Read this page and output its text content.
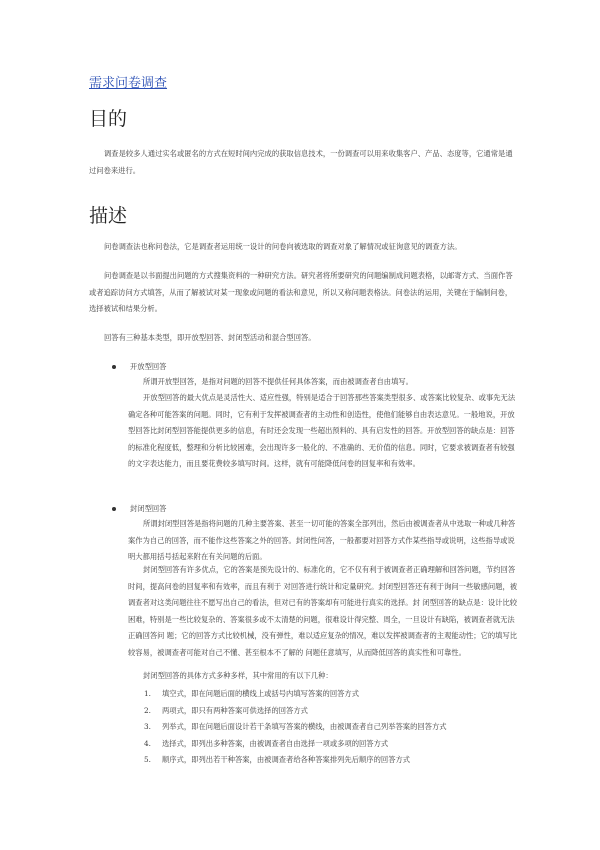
需求问卷调查
目的

调查是较多人通过实名或匿名的方式在短时间内完成的获取信息技术，一份调查可以用来收集客户、产品、态度等，它通常是通过问卷来进行。

描述

问卷调查法也称问卷法，它是调查者运用统一设计的问卷向被选取的调查对象了解情况或征询意见的调查方法。

问卷调查是以书面提出问题的方式搜集资料的一种研究方法。研究者将所要研究的问题编制成问题表格，以邮寄方式、当面作答或者追踪访问方式填答，从而了解被试对某一现象或问题的看法和意见，所以又称问题表格法。问卷法的运用，关键在于编制问卷，选择被试和结果分析。

回答有三种基本类型，即开放型回答、封闭型活动和混合型回答。

开放型回答

所谓开放型回答，是指对问题的回答不提供任何具体答案，而由被调查者自由填写。

开放型回答的最大优点是灵活性大、适应性强，特别是适合于回答那些答案类型很多、或答案比较复杂、或事先无法确定各种可能答案的问题。同时，它有利于发挥被调查者的主动性和创造性，使他们能够自由表达意见。一般地说，开放型回答比封闭型回答能提供更多的信息，有时还会发现一些超出预料的、具有启发性的回答。开放型回答的缺点是：回答的标准化程度低，整理和分析比较困难，会出现许多一般化的、不准确的、无价值的信息。同时，它要求被调查者有较强的文字表达能力，而且要花费较多填写时间。这样，就有可能降低问卷的回复率和有效率。

封闭型回答

所谓封闭型回答是指将问题的几种主要答案、甚至一切可能的答案全部列出，然后由被调查者从中选取一种或几种答案作为自己的回答，而不能作这些答案之外的回答。封闭性问答，一般都要对回答方式作某些指导或说明，这些指导或说明大都用括号括起来附在有关问题的后面。

封闭型回答有许多优点，它的答案是预先设计的、标准化的，它不仅有利于被调查者正确理解和回答问题，节约回答时间，提高问卷的回复率和有效率，而且有利于 对回答进行统计和定量研究。封闭型回答还有利于询问一些敏感问题，被调查者对这类问题往往不愿写出自己的看法，但对已有的答案却有可能进行真实的选择。封 闭型回答的缺点是：设计比较困难，特别是一些比较复杂的、答案很多或不太清楚的问题，很难设计得完整、周全，一旦设计有缺陷，被调查者就无法正确回答问 题；它的回答方式比较机械，没有弹性，难以适应复杂的情况，难以发挥被调查者的主观能动性；它的填写比较容易，被调查者可能对自己不懂、甚至根本不了解的 问题任意填写，从而降低回答的真实性和可靠性。

封闭型回答的具体方式多种多样，其中常用的有以下几种：

1. 填空式，即在问题后面的横线上或括号内填写答案的回答方式
2. 两项式，即只有两种答案可供选择的回答方式
3. 列举式，即在问题后面设计若干条填写答案的横线，由被调查者自己列举答案的回答方式
4. 选择式，即列出多种答案，由被调查者自由选择一项或多项的回答方式
5. 顺序式，即列出若干种答案，由被调查者给各种答案排列先后顺序的回答方式
